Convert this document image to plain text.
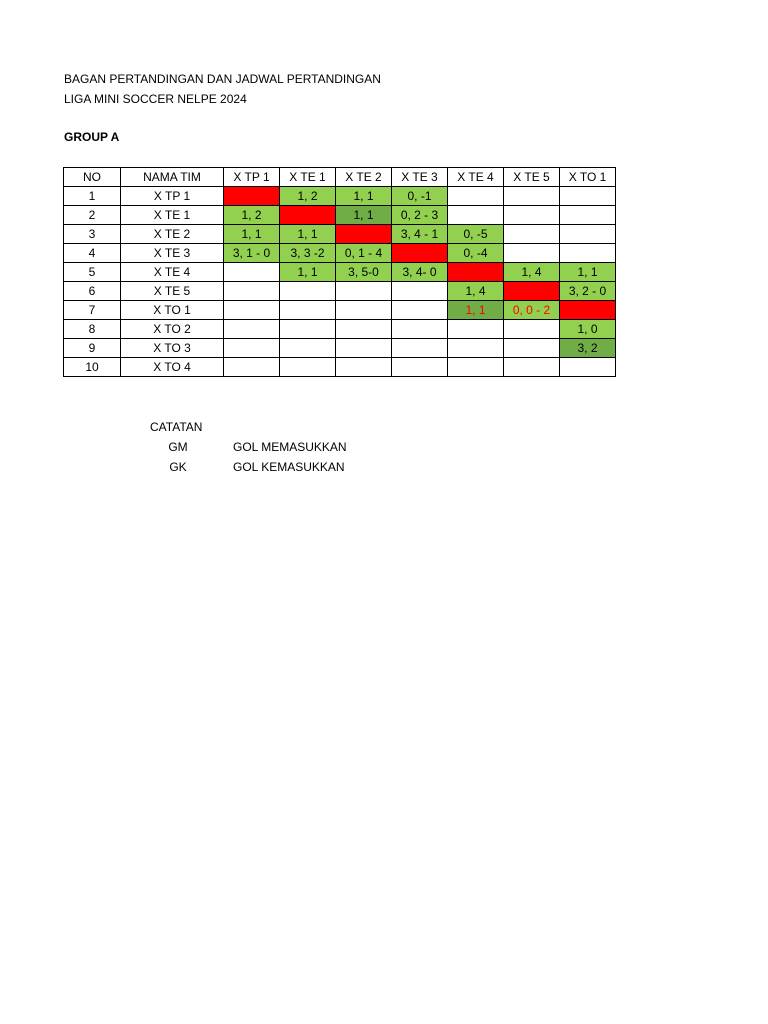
BAGAN PERTANDINGAN DAN JADWAL PERTANDINGAN
LIGA MINI SOCCER NELPE 2024
GROUP A
NO	NAMA TIM	X TP 1	X TE 1	X TE 2	X TE 3	X TE 4	X TE 5	X TO 1
1	X TP 1		1, 2	1, 1	0, -1			
2	X TE 1	1, 2		1, 1	0, 2 - 3			
3	X TE 2	1, 1	1, 1		3, 4 - 1	0, -5		
4	X TE 3	3, 1 - 0	3, 3 -2	0, 1 - 4		0, -4		
5	X TE 4		1, 1	3, 5-0	3, 4- 0		1, 4	1, 1
6	X TE 5					1, 4		3, 2 - 0
7	X TO 1					1, 1	0, 0 - 2	
8	X TO 2							1, 0
9	X TO 3							3, 2
10	X TO 4							
CATATAN
GM	GOL MEMASUKKAN
GK	GOL KEMASUKKAN
